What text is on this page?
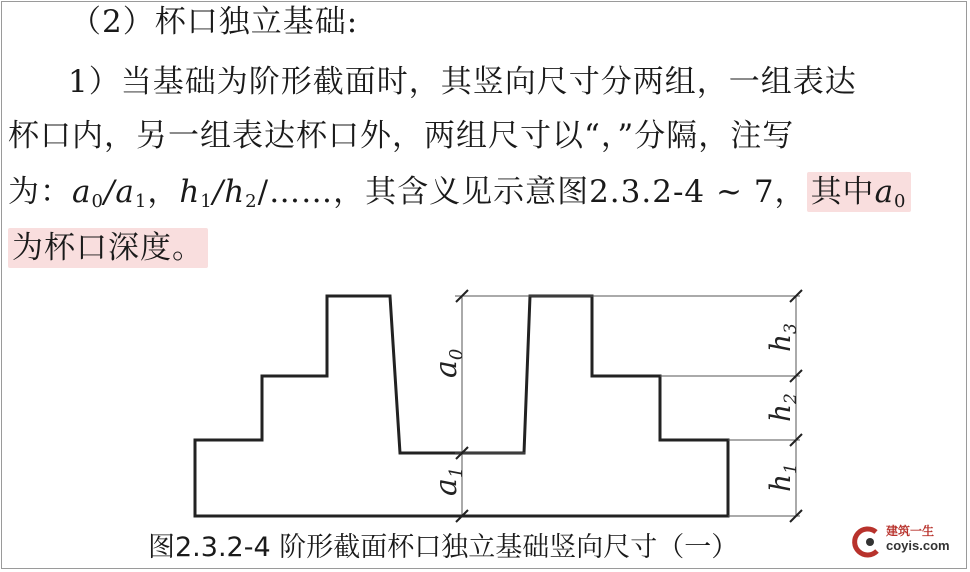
（2）杯口独立基础:
1）当基础为阶形截面时，其竖向尺寸分两组，一组表达
杯口内，另一组表达杯口外，两组尺寸以“，”分隔，注写
为：$a_0/a_1$，$h_1/h_2/\dots\dots$，其含义见示意图2.3.2-4 ~ 7， 其中$a_0$
为杯口深度。
$a_0$
$a_1$
$h_3$
$h_2$
$h_1$
图2.3.2-4 阶形截面杯口独立基础竖向尺寸（一）
建筑一生
coyis.com
